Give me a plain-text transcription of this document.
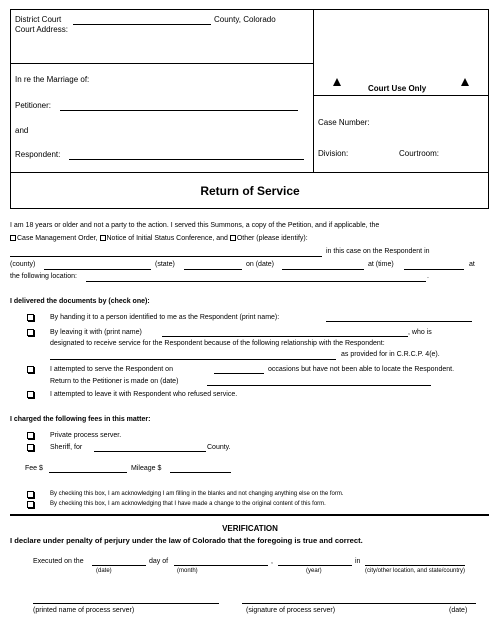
District Court	County, Colorado
Court Address:
In re the Marriage of:
Petitioner:
and
Respondent:
Court Use Only
Case Number:
Division:	Courtroom:
Return of Service
I am 18 years or older and not a party to the action. I served this Summons, a copy of the Petition, and if applicable, the
Case Management Order, Notice of Initial Status Conference, and Other (please identify):
in this case on the Respondent in
(county)	(state)	on (date)	at (time)	at
the following location:	.
I delivered the documents by (check one):
By handing it to a person identified to me as the Respondent (print name):
By leaving it with (print name)	, who is
designated to receive service for the Respondent because of the following relationship with the Respondent:
as provided for in C.R.C.P. 4(e).
I attempted to serve the Respondent on	occasions but have not been able to locate the Respondent.
Return to the Petitioner is made on (date)
I attempted to leave it with Respondent who refused service.
I charged the following fees in this matter:
Private process server.
Sheriff, for	County.
Fee $	Mileage $
By checking this box, I am acknowledging I am filling in the blanks and not changing anything else on the form.
By checking this box, I am acknowledging that I have made a change to the original content of this form.
VERIFICATION
I declare under penalty of perjury under the law of Colorado that the foregoing is true and correct.
Executed on the	day of	,	in
(date)	(month)	(year)	(city/other location, and state/country)
(printed name of process server)	(signature of process server)	(date)
